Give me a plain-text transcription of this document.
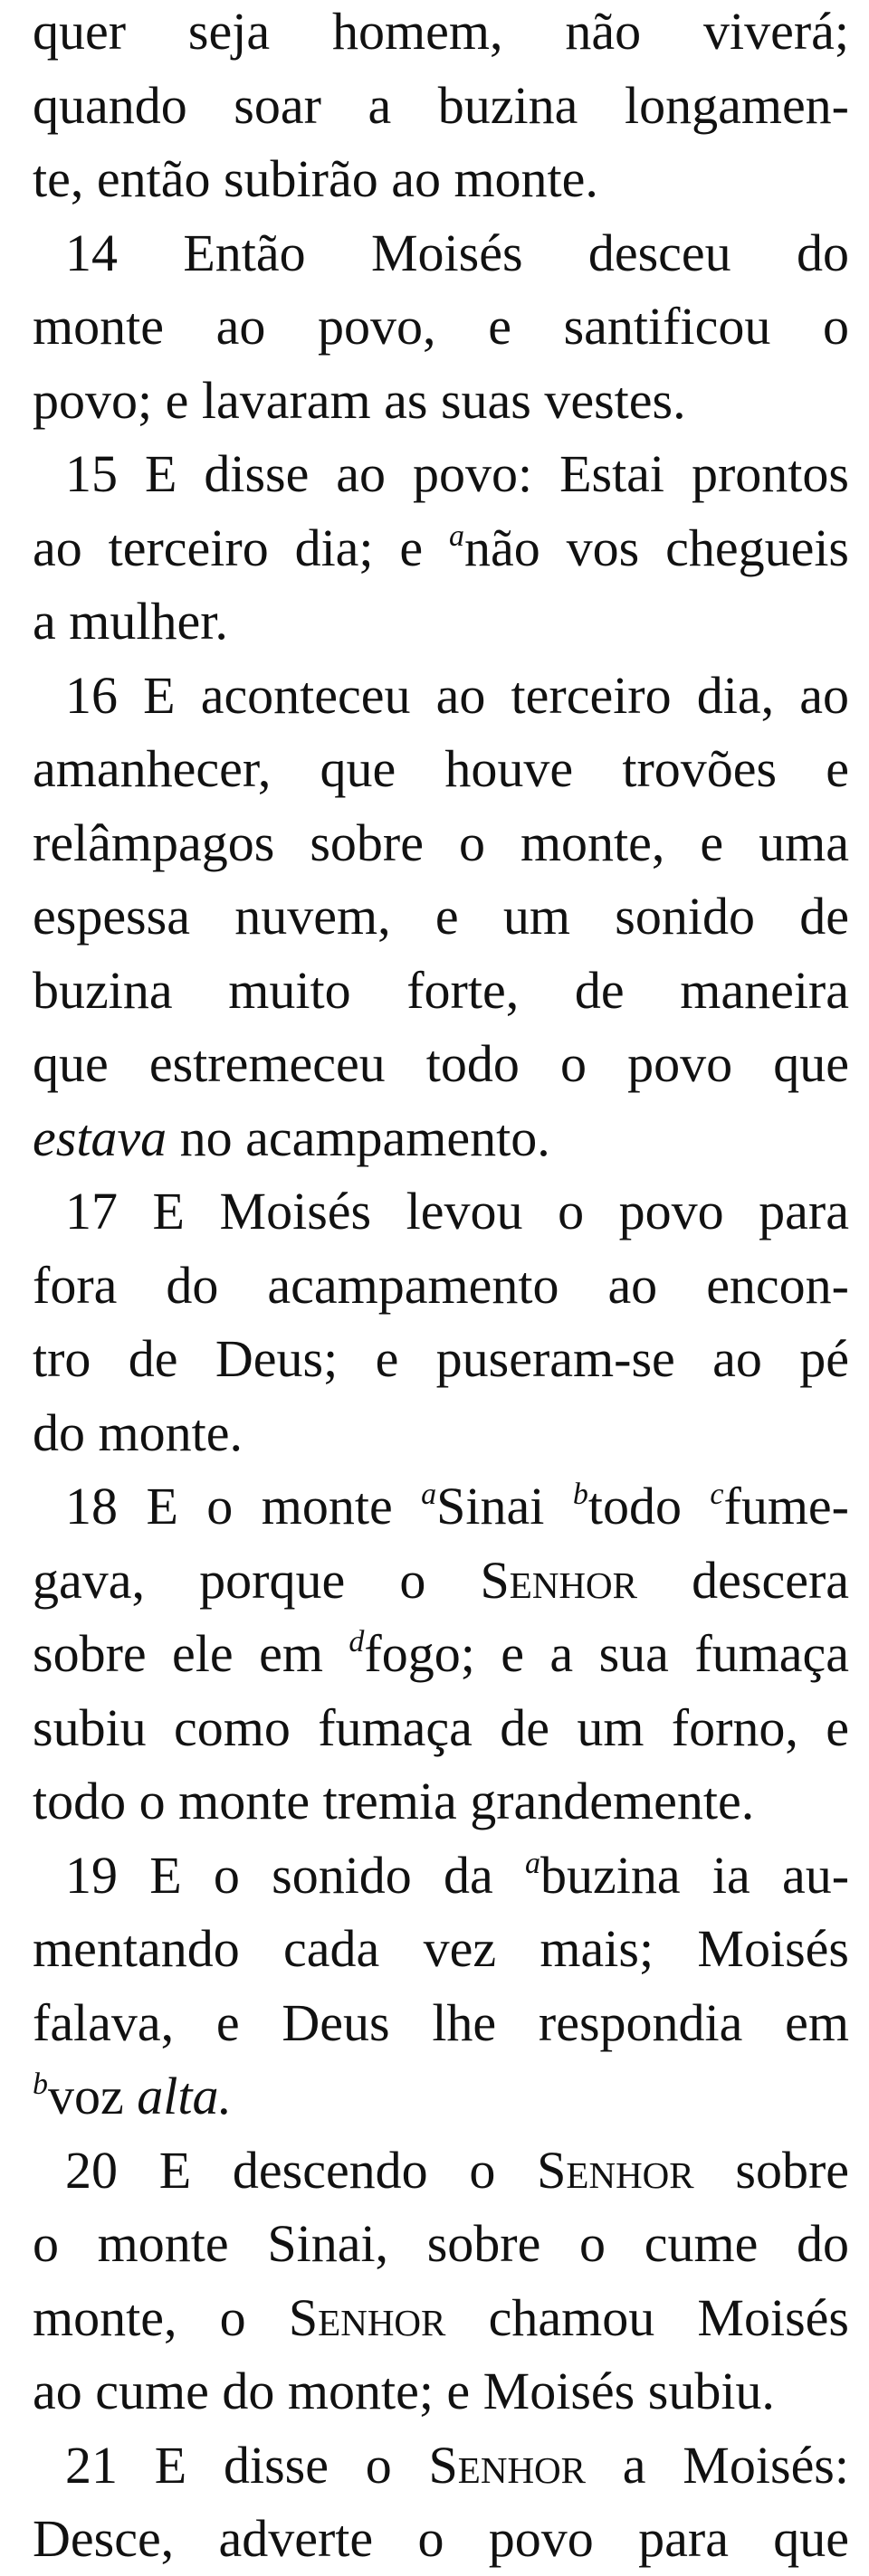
quer seja homem, não viverá;
quando soar a buzina longamen-
te, então subirão ao monte.
14 Então Moisés desceu do
monte ao povo, e santificou o
povo; e lavaram as suas vestes.
15 E disse ao povo: Estai prontos
ao terceiro dia; e $^a$não vos chegueis
a mulher.
16 E aconteceu ao terceiro dia, ao
amanhecer, que houve trovões e
relâmpagos sobre o monte, e uma
espessa nuvem, e um sonido de
buzina muito forte, de maneira
que estremeceu todo o povo que
estava no acampamento.
17 E Moisés levou o povo para
fora do acampamento ao encon-
tro de Deus; e puseram-se ao pé
do monte.
18 E o monte $^a$Sinai $^b$todo $^c$fume-
gava, porque o Senhor descera
sobre ele em $^d$fogo; e a sua fumaça
subiu como fumaça de um forno, e
todo o monte tremia grandemente.
19 E o sonido da $^a$buzina ia au-
mentando cada vez mais; Moisés
falava, e Deus lhe respondia em
$^b$voz alta.
20 E descendo o Senhor sobre
o monte Sinai, sobre o cume do
monte, o Senhor chamou Moisés
ao cume do monte; e Moisés subiu.
21 E disse o Senhor a Moisés:
Desce, adverte o povo para que
